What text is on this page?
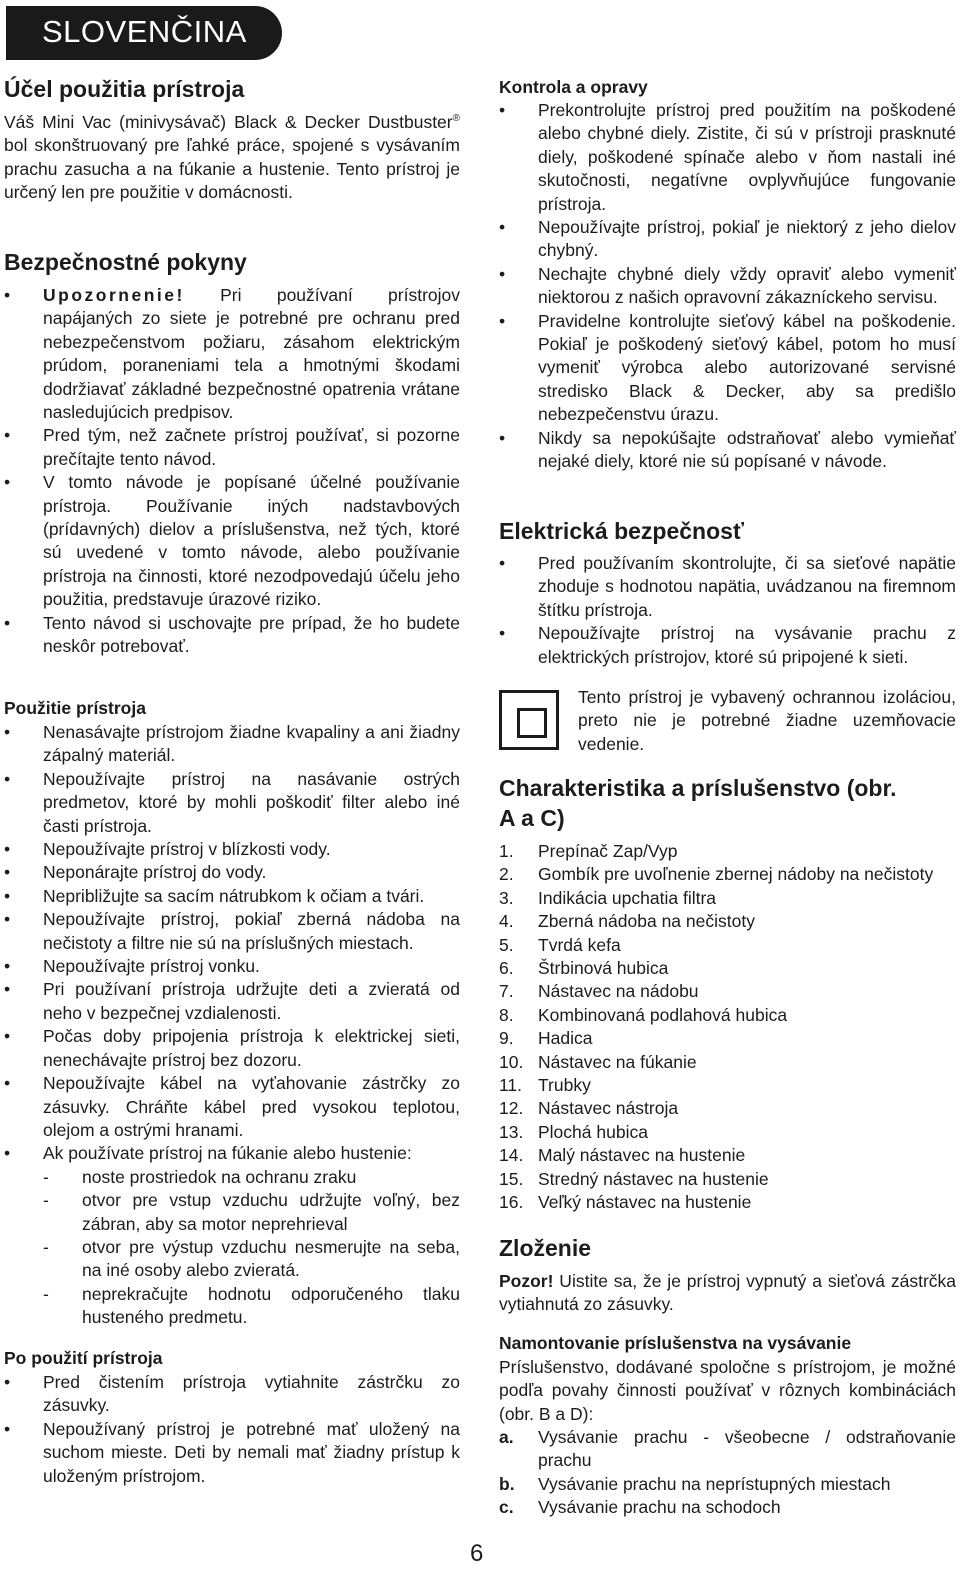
SLOVENČINA
Účel použitia prístroja
Váš Mini Vac (minivysávač) Black & Decker Dustbuster® bol skonštruovaný pre ľahké práce, spojené s vysávaním prachu zasucha a na fúkanie a hustenie. Tento prístroj je určený len pre použitie v domácnosti.
Bezpečnostné pokyny
• Upozornenie! Pri používaní prístrojov napájaných zo siete je potrebné pre ochranu pred nebezpečenstvom požiaru, zásahom elektrickým prúdom, poraneniami tela a hmotnými škodami dodržiavať základné bezpečnostné opatrenia vrátane nasledujúcich predpisov.
• Pred tým, než začnete prístroj používať, si pozorne prečítajte tento návod.
• V tomto návode je popísané účelné používanie prístroja. Používanie iných nadstavbových (prídavných) dielov a príslušenstva, než tých, ktoré sú uvedené v tomto návode, alebo používanie prístroja na činnosti, ktoré nezodpovedajú účelu jeho použitia, predstavuje úrazové riziko.
• Tento návod si uschovajte pre prípad, že ho budete neskôr potrebovať.
Použitie prístroja
• Nenasávajte prístrojom žiadne kvapaliny a ani žiadny zápalný materiál.
• Nepoužívajte prístroj na nasávanie ostrých predmetov, ktoré by mohli poškodiť filter alebo iné časti prístroja.
• Nepoužívajte prístroj v blízkosti vody.
• Neponárajte prístroj do vody.
• Nepribližujte sa sacím nátrubkom k očiam a tvári.
• Nepoužívajte prístroj, pokiaľ zberná nádoba na nečistoty a filtre nie sú na príslušných miestach.
• Nepoužívajte prístroj vonku.
• Pri používaní prístroja udržujte deti a zvieratá od neho v bezpečnej vzdialenosti.
• Počas doby pripojenia prístroja k elektrickej sieti, nenechávajte prístroj bez dozoru.
• Nepoužívajte kábel na vyťahovanie zástrčky zo zásuvky. Chráňte kábel pred vysokou teplotou, olejom a ostrými hranami.
• Ak používate prístroj na fúkanie alebo hustenie:
- noste prostriedok na ochranu zraku
- otvor pre vstup vzduchu udržujte voľný, bez zábran, aby sa motor neprehrieval
- otvor pre výstup vzduchu nesmerujte na seba, na iné osoby alebo zvieratá.
- neprekračujte hodnotu odporučeného tlaku husteného predmetu.
Po použití prístroja
• Pred čistením prístroja vytiahnite zástrčku zo zásuvky.
• Nepoužívaný prístroj je potrebné mať uložený na suchom mieste. Deti by nemali mať žiadny prístup k uloženým prístrojom.
Kontrola a opravy
• Prekontrolujte prístroj pred použitím na poškodené alebo chybné diely. Zistite, či sú v prístroji prasknuté diely, poškodené spínače alebo v ňom nastali iné skutočnosti, negatívne ovplyvňujúce fungovanie prístroja.
• Nepoužívajte prístroj, pokiaľ je niektorý z jeho dielov chybný.
• Nechajte chybné diely vždy opraviť alebo vymeniť niektorou z našich opravovní zákazníckeho servisu.
• Pravidelne kontrolujte sieťový kábel na poškodenie. Pokiaľ je poškodený sieťový kábel, potom ho musí vymeniť výrobca alebo autorizované servisné stredisko Black & Decker, aby sa predišlo nebezpečenstvu úrazu.
• Nikdy sa nepokúšajte odstraňovať alebo vymieňať nejaké diely, ktoré nie sú popísané v návode.
Elektrická bezpečnosť
• Pred používaním skontrolujte, či sa sieťové napätie zhoduje s hodnotou napätia, uvádzanou na firemnom štítku prístroja.
• Nepoužívajte prístroj na vysávanie prachu z elektrických prístrojov, ktoré sú pripojené k sieti.
Tento prístroj je vybavený ochrannou izoláciou, preto nie je potrebné žiadne uzemňovacie vedenie.
Charakteristika a príslušenstvo (obr.
A a C)
1. Prepínač Zap/Vyp
2. Gombík pre uvoľnenie zbernej nádoby na nečistoty
3. Indikácia upchatia filtra
4. Zberná nádoba na nečistoty
5. Tvrdá kefa
6. Štrbinová hubica
7. Nástavec na nádobu
8. Kombinovaná podlahová hubica
9. Hadica
10. Nástavec na fúkanie
11. Trubky
12. Nástavec nástroja
13. Plochá hubica
14. Malý nástavec na hustenie
15. Stredný nástavec na hustenie
16. Veľký nástavec na hustenie
Zloženie
Pozor! Uistite sa, že je prístroj vypnutý a sieťová zástrčka vytiahnutá zo zásuvky.
Namontovanie príslušenstva na vysávanie
Príslušenstvo, dodávané spoločne s prístrojom, je možné podľa povahy činnosti používať v rôznych kombináciách (obr. B a D):
a. Vysávanie prachu - všeobecne / odstraňovanie prachu
b. Vysávanie prachu na neprístupných miestach
c. Vysávanie prachu na schodoch
6
